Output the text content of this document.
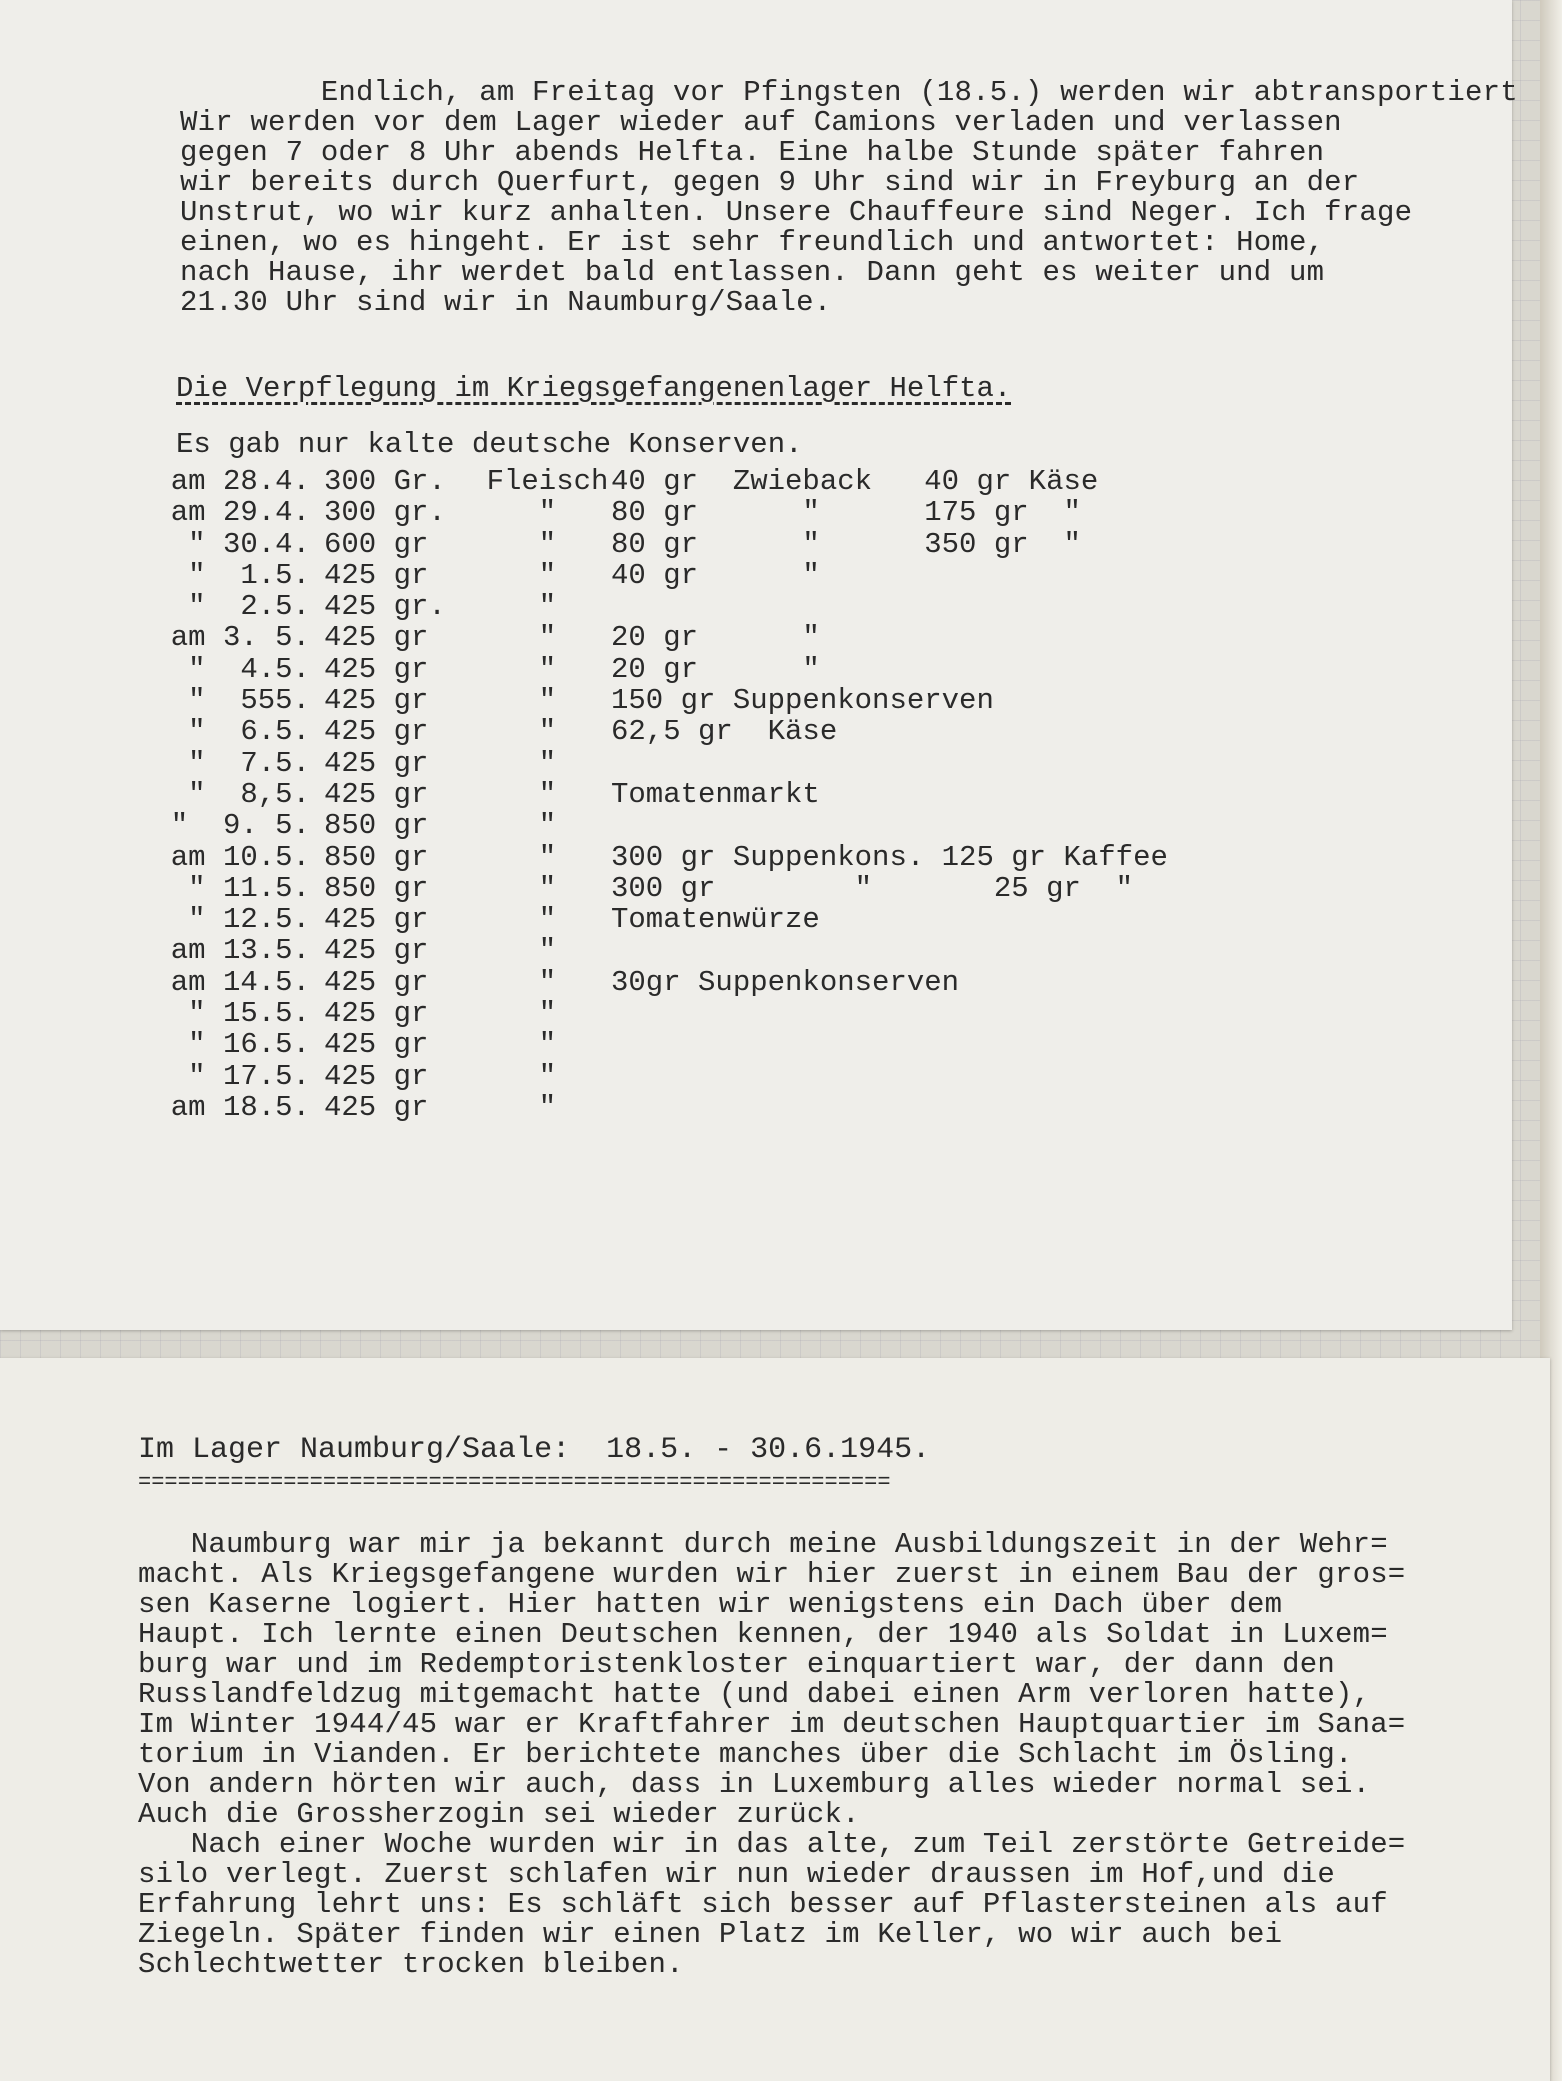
Endlich, am Freitag vor Pfingsten (18.5.) werden wir abtransportiert

Wir werden vor dem Lager wieder auf Camions verladen und verlassen

gegen 7 oder 8 Uhr abends Helfta. Eine halbe Stunde später fahren

wir bereits durch Querfurt, gegen 9 Uhr sind wir in Freyburg an der

Unstrut, wo wir kurz anhalten. Unsere Chauffeure sind Neger. Ich frage

einen, wo es hingeht. Er ist sehr freundlich und antwortet: Home,

nach Hause, ihr werdet bald entlassen. Dann geht es weiter und um

21.30 Uhr sind wir in Naumburg/Saale.

Die Verpflegung im Kriegsgefangenenlager Helfta.

Es gab nur kalte deutsche Konserven.

am 28.4.	300 Gr.	Fleisch	40 gr  Zwieback   40 gr Käse
am 29.4.	300 gr.	"	80 gr      "      175 gr  "
" 30.4.	600 gr	"	80 gr      "      350 gr  "
"  1.5.	425 gr	"	40 gr      "
"  2.5.	425 gr.	"	
am 3. 5.	425 gr	"	20 gr      "
"  4.5.	425 gr	"	20 gr      "
"  555.	425 gr	"	150 gr Suppenkonserven
"  6.5.	425 gr	"	62,5 gr  Käse
"  7.5.	425 gr	"	
"  8,5.	425 gr	"	Tomatenmarkt
"  9. 5.	850 gr	"	
am 10.5.	850 gr	"	300 gr Suppenkons. 125 gr Kaffee
" 11.5.	850 gr	"	300 gr        "       25 gr  "
" 12.5.	425 gr	"	Tomatenwürze
am 13.5.	425 gr	"	
am 14.5.	425 gr	"	30gr Suppenkonserven
" 15.5.	425 gr	"	
" 16.5.	425 gr	"	
" 17.5.	425 gr	"	
am 18.5.	425 gr	"	

Im Lager Naumburg/Saale:  18.5. - 30.6.1945.

=========================================================

Naumburg war mir ja bekannt durch meine Ausbildungszeit in der Wehr=

macht. Als Kriegsgefangene wurden wir hier zuerst in einem Bau der gros=

sen Kaserne logiert. Hier hatten wir wenigstens ein Dach über dem

Haupt. Ich lernte einen Deutschen kennen, der 1940 als Soldat in Luxem=

burg war und im Redemptoristenkloster einquartiert war, der dann den

Russlandfeldzug mitgemacht hatte (und dabei einen Arm verloren hatte),

Im Winter 1944/45 war er Kraftfahrer im deutschen Hauptquartier im Sana=

torium in Vianden. Er berichtete manches über die Schlacht im Ösling.

Von andern hörten wir auch, dass in Luxemburg alles wieder normal sei.

Auch die Grossherzogin sei wieder zurück.

Nach einer Woche wurden wir in das alte, zum Teil zerstörte Getreide=

silo verlegt. Zuerst schlafen wir nun wieder draussen im Hof,und die

Erfahrung lehrt uns: Es schläft sich besser auf Pflastersteinen als auf

Ziegeln. Später finden wir einen Platz im Keller, wo wir auch bei

Schlechtwetter trocken bleiben.
